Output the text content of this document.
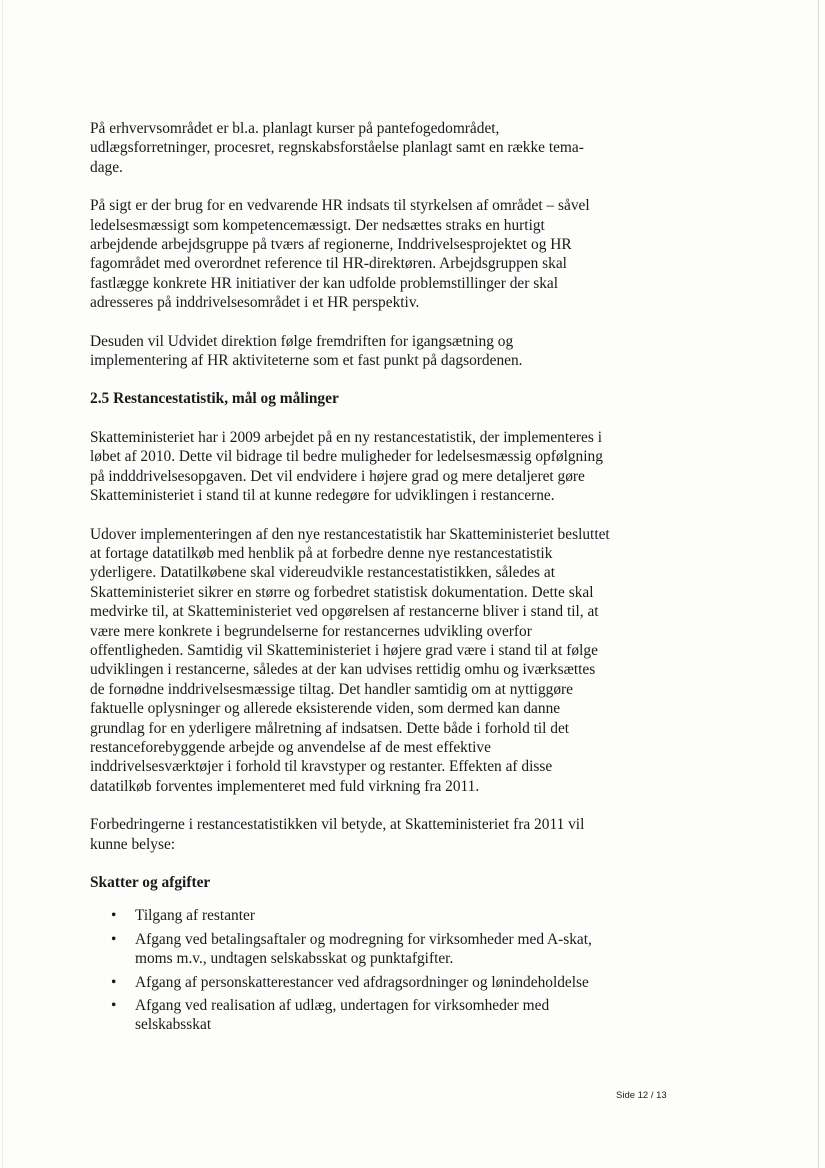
På erhvervsområdet er bl.a. planlagt kurser på pantefogedområdet, udlægsforretninger, procesret, regnskabsforståelse planlagt samt en række tema-dage.

På sigt er der brug for en vedvarende HR indsats til styrkelsen af området – såvel ledelsesmæssigt som kompetencemæssigt. Der nedsættes straks en hurtigt arbejdende arbejdsgruppe på tværs af regionerne, Inddrivelsesprojektet og HR fagområdet med overordnet reference til HR-direktøren. Arbejdsgruppen skal fastlægge konkrete HR initiativer der kan udfolde problemstillinger der skal adresseres på inddrivelsesområdet i et HR perspektiv.

Desuden vil Udvidet direktion følge fremdriften for igangsætning og implementering af HR aktiviteterne som et fast punkt på dagsordenen.

2.5 Restancestatistik, mål og målinger

Skatteministeriet har i 2009 arbejdet på en ny restancestatistik, der implementeres i løbet af 2010. Dette vil bidrage til bedre muligheder for ledelsesmæssig opfølgning på indddrivelsesopgaven. Det vil endvidere i højere grad og mere detaljeret gøre Skatteministeriet i stand til at kunne redegøre for udviklingen i restancerne.

Udover implementeringen af den nye restancestatistik har Skatteministeriet besluttet at fortage datatilkøb med henblik på at forbedre denne nye restancestatistik yderligere. Datatilkøbene skal videreudvikle restancestatistikken, således at Skatteministeriet sikrer en større og forbedret statistisk dokumentation. Dette skal medvirke til, at Skatteministeriet ved opgørelsen af restancerne bliver i stand til, at være mere konkrete i begrundelserne for restancernes udvikling overfor offentligheden. Samtidig vil Skatteministeriet i højere grad være i stand til at følge udviklingen i restancerne, således at der kan udvises rettidig omhu og iværksættes de fornødne inddrivelsesmæssige tiltag. Det handler samtidig om at nyttiggøre faktuelle oplysninger og allerede eksisterende viden, som dermed kan danne grundlag for en yderligere målretning af indsatsen. Dette både i forhold til det restanceforebyggende arbejde og anvendelse af de mest effektive inddrivelsesværktøjer i forhold til kravstyper og restanter. Effekten af disse datatilkøb forventes implementeret med fuld virkning fra 2011.

Forbedringerne i restancestatistikken vil betyde, at Skatteministeriet fra 2011 vil kunne belyse:

Skatter og afgifter

• Tilgang af restanter
• Afgang ved betalingsaftaler og modregning for virksomheder med A-skat, moms m.v., undtagen selskabsskat og punktafgifter.
• Afgang af personskatterestancer ved afdragsordninger og lønindeholdelse
• Afgang ved realisation af udlæg, undertagen for virksomheder med selskabsskat
Side 12 / 13
